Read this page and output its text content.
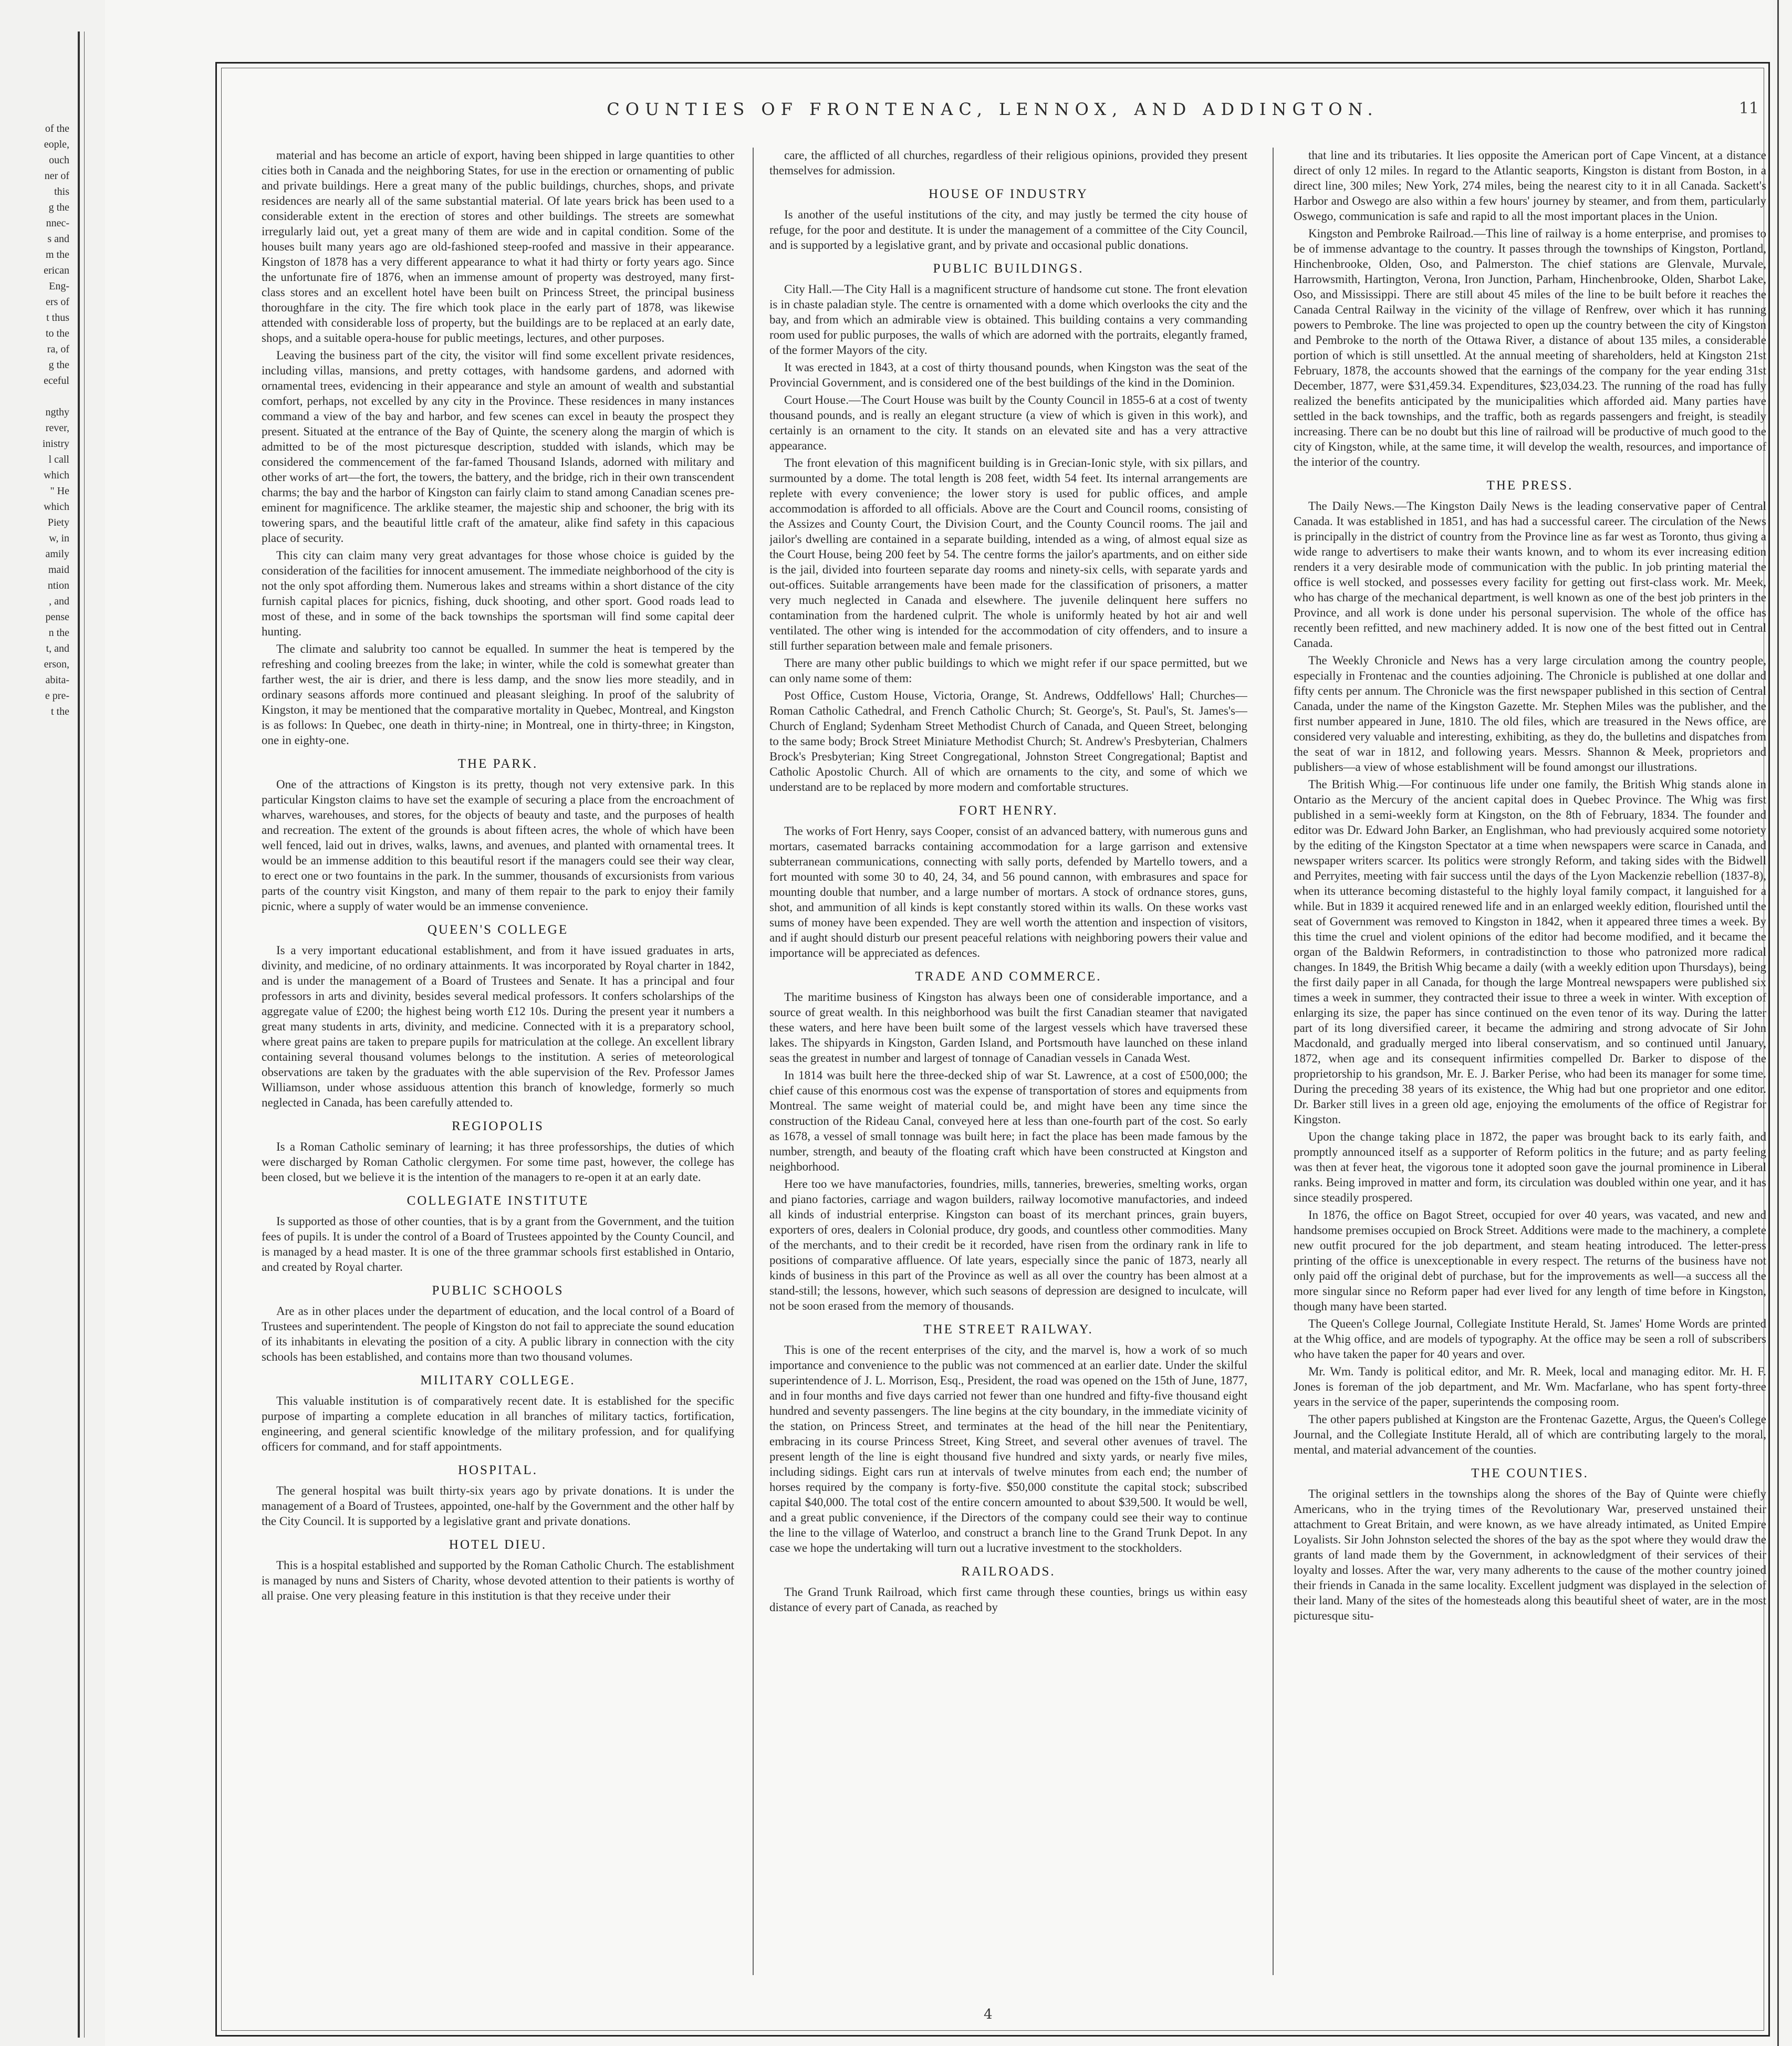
of the
eople,
ouch
ner of
this
g the
nnec-
s and
m the
erican
Eng-
ers of
t thus
to the
ra, of
g the
eceful

ngthy
rever,
inistry
l call
which
" He
which
Piety
w, in
amily
maid
ntion
, and
pense
n the
t, and
erson,
abita-
e pre-
t the
COUNTIES OF FRONTENAC, LENNOX, AND ADDINGTON.	11

material and has become an article of export, having been shipped in large quantities to other cities both in Canada and the neighboring States, for use in the erection or ornamenting of public and private buildings. Here a great many of the public buildings, churches, shops, and private residences are nearly all of the same substantial material. Of late years brick has been used to a considerable extent in the erection of stores and other buildings. The streets are somewhat irregularly laid out, yet a great many of them are wide and in capital condition. Some of the houses built many years ago are old-fashioned steep-roofed and massive in their appearance. Kingston of 1878 has a very different appearance to what it had thirty or forty years ago. Since the unfortunate fire of 1876, when an immense amount of property was destroyed, many first-class stores and an excellent hotel have been built on Princess Street, the principal business thoroughfare in the city. The fire which took place in the early part of 1878, was likewise attended with considerable loss of property, but the buildings are to be replaced at an early date, shops, and a suitable opera-house for public meetings, lectures, and other purposes.

Leaving the business part of the city, the visitor will find some excellent private residences, including villas, mansions, and pretty cottages, with handsome gardens, and adorned with ornamental trees, evidencing in their appearance and style an amount of wealth and substantial comfort, perhaps, not excelled by any city in the Province. These residences in many instances command a view of the bay and harbor, and few scenes can excel in beauty the prospect they present. Situated at the entrance of the Bay of Quinte, the scenery along the margin of which is admitted to be of the most picturesque description, studded with islands, which may be considered the commencement of the far-famed Thousand Islands, adorned with military and other works of art—the fort, the towers, the battery, and the bridge, rich in their own transcendent charms; the bay and the harbor of Kingston can fairly claim to stand among Canadian scenes pre-eminent for magnificence. The arklike steamer, the majestic ship and schooner, the brig with its towering spars, and the beautiful little craft of the amateur, alike find safety in this capacious place of security.

This city can claim many very great advantages for those whose choice is guided by the consideration of the facilities for innocent amusement. The immediate neighborhood of the city is not the only spot affording them. Numerous lakes and streams within a short distance of the city furnish capital places for picnics, fishing, duck shooting, and other sport. Good roads lead to most of these, and in some of the back townships the sportsman will find some capital deer hunting.

The climate and salubrity too cannot be equalled. In summer the heat is tempered by the refreshing and cooling breezes from the lake; in winter, while the cold is somewhat greater than farther west, the air is drier, and there is less damp, and the snow lies more steadily, and in ordinary seasons affords more continued and pleasant sleighing. In proof of the salubrity of Kingston, it may be mentioned that the comparative mortality in Quebec, Montreal, and Kingston is as follows: In Quebec, one death in thirty-nine; in Montreal, one in thirty-three; in Kingston, one in eighty-one.

THE PARK.

One of the attractions of Kingston is its pretty, though not very extensive park. In this particular Kingston claims to have set the example of securing a place from the encroachment of wharves, warehouses, and stores, for the objects of beauty and taste, and the purposes of health and recreation. The extent of the grounds is about fifteen acres, the whole of which have been well fenced, laid out in drives, walks, lawns, and avenues, and planted with ornamental trees. It would be an immense addition to this beautiful resort if the managers could see their way clear, to erect one or two fountains in the park. In the summer, thousands of excursionists from various parts of the country visit Kingston, and many of them repair to the park to enjoy their family picnic, where a supply of water would be an immense convenience.

QUEEN'S COLLEGE

Is a very important educational establishment, and from it have issued graduates in arts, divinity, and medicine, of no ordinary attainments. It was incorporated by Royal charter in 1842, and is under the management of a Board of Trustees and Senate. It has a principal and four professors in arts and divinity, besides several medical professors. It confers scholarships of the aggregate value of £200; the highest being worth £12 10s. During the present year it numbers a great many students in arts, divinity, and medicine. Connected with it is a preparatory school, where great pains are taken to prepare pupils for matriculation at the college. An excellent library containing several thousand volumes belongs to the institution. A series of meteorological observations are taken by the graduates with the able supervision of the Rev. Professor James Williamson, under whose assiduous attention this branch of knowledge, formerly so much neglected in Canada, has been carefully attended to.

REGIOPOLIS

Is a Roman Catholic seminary of learning; it has three professorships, the duties of which were discharged by Roman Catholic clergymen. For some time past, however, the college has been closed, but we believe it is the intention of the managers to re-open it at an early date.

COLLEGIATE INSTITUTE

Is supported as those of other counties, that is by a grant from the Government, and the tuition fees of pupils. It is under the control of a Board of Trustees appointed by the County Council, and is managed by a head master. It is one of the three grammar schools first established in Ontario, and created by Royal charter.

PUBLIC SCHOOLS

Are as in other places under the department of education, and the local control of a Board of Trustees and superintendent. The people of Kingston do not fail to appreciate the sound education of its inhabitants in elevating the position of a city. A public library in connection with the city schools has been established, and contains more than two thousand volumes.

MILITARY COLLEGE.

This valuable institution is of comparatively recent date. It is established for the specific purpose of imparting a complete education in all branches of military tactics, fortification, engineering, and general scientific knowledge of the military profession, and for qualifying officers for command, and for staff appointments.

HOSPITAL.

The general hospital was built thirty-six years ago by private donations. It is under the management of a Board of Trustees, appointed, one-half by the Government and the other half by the City Council. It is supported by a legislative grant and private donations.

HOTEL DIEU.

This is a hospital established and supported by the Roman Catholic Church. The establishment is managed by nuns and Sisters of Charity, whose devoted attention to their patients is worthy of all praise. One very pleasing feature in this institution is that they receive under their

care, the afflicted of all churches, regardless of their religious opinions, provided they present themselves for admission.

HOUSE OF INDUSTRY

Is another of the useful institutions of the city, and may justly be termed the city house of refuge, for the poor and destitute. It is under the management of a committee of the City Council, and is supported by a legislative grant, and by private and occasional public donations.

PUBLIC BUILDINGS.

City Hall.—The City Hall is a magnificent structure of handsome cut stone. The front elevation is in chaste paladian style. The centre is ornamented with a dome which overlooks the city and the bay, and from which an admirable view is obtained. This building contains a very commanding room used for public purposes, the walls of which are adorned with the portraits, elegantly framed, of the former Mayors of the city.

It was erected in 1843, at a cost of thirty thousand pounds, when Kingston was the seat of the Provincial Government, and is considered one of the best buildings of the kind in the Dominion.

Court House.—The Court House was built by the County Council in 1855-6 at a cost of twenty thousand pounds, and is really an elegant structure (a view of which is given in this work), and certainly is an ornament to the city. It stands on an elevated site and has a very attractive appearance.

The front elevation of this magnificent building is in Grecian-Ionic style, with six pillars, and surmounted by a dome. The total length is 208 feet, width 54 feet. Its internal arrangements are replete with every convenience; the lower story is used for public offices, and ample accommodation is afforded to all officials. Above are the Court and Council rooms, consisting of the Assizes and County Court, the Division Court, and the County Council rooms. The jail and jailor's dwelling are contained in a separate building, intended as a wing, of almost equal size as the Court House, being 200 feet by 54. The centre forms the jailor's apartments, and on either side is the jail, divided into fourteen separate day rooms and ninety-six cells, with separate yards and out-offices. Suitable arrangements have been made for the classification of prisoners, a matter very much neglected in Canada and elsewhere. The juvenile delinquent here suffers no contamination from the hardened culprit. The whole is uniformly heated by hot air and well ventilated. The other wing is intended for the accommodation of city offenders, and to insure a still further separation between male and female prisoners.

There are many other public buildings to which we might refer if our space permitted, but we can only name some of them:

Post Office, Custom House, Victoria, Orange, St. Andrews, Oddfellows' Hall; Churches—Roman Catholic Cathedral, and French Catholic Church; St. George's, St. Paul's, St. James's—Church of England; Sydenham Street Methodist Church of Canada, and Queen Street, belonging to the same body; Brock Street Miniature Methodist Church; St. Andrew's Presbyterian, Chalmers Brock's Presbyterian; King Street Congregational, Johnston Street Congregational; Baptist and Catholic Apostolic Church. All of which are ornaments to the city, and some of which we understand are to be replaced by more modern and comfortable structures.

FORT HENRY.

The works of Fort Henry, says Cooper, consist of an advanced battery, with numerous guns and mortars, casemated barracks containing accommodation for a large garrison and extensive subterranean communications, connecting with sally ports, defended by Martello towers, and a fort mounted with some 30 to 40, 24, 34, and 56 pound cannon, with embrasures and space for mounting double that number, and a large number of mortars. A stock of ordnance stores, guns, shot, and ammunition of all kinds is kept constantly stored within its walls. On these works vast sums of money have been expended. They are well worth the attention and inspection of visitors, and if aught should disturb our present peaceful relations with neighboring powers their value and importance will be appreciated as defences.

TRADE AND COMMERCE.

The maritime business of Kingston has always been one of considerable importance, and a source of great wealth. In this neighborhood was built the first Canadian steamer that navigated these waters, and here have been built some of the largest vessels which have traversed these lakes. The shipyards in Kingston, Garden Island, and Portsmouth have launched on these inland seas the greatest in number and largest of tonnage of Canadian vessels in Canada West.

In 1814 was built here the three-decked ship of war St. Lawrence, at a cost of £500,000; the chief cause of this enormous cost was the expense of transportation of stores and equipments from Montreal. The same weight of material could be, and might have been any time since the construction of the Rideau Canal, conveyed here at less than one-fourth part of the cost. So early as 1678, a vessel of small tonnage was built here; in fact the place has been made famous by the number, strength, and beauty of the floating craft which have been constructed at Kingston and neighborhood.

Here too we have manufactories, foundries, mills, tanneries, breweries, smelting works, organ and piano factories, carriage and wagon builders, railway locomotive manufactories, and indeed all kinds of industrial enterprise. Kingston can boast of its merchant princes, grain buyers, exporters of ores, dealers in Colonial produce, dry goods, and countless other commodities. Many of the merchants, and to their credit be it recorded, have risen from the ordinary rank in life to positions of comparative affluence. Of late years, especially since the panic of 1873, nearly all kinds of business in this part of the Province as well as all over the country has been almost at a stand-still; the lessons, however, which such seasons of depression are designed to inculcate, will not be soon erased from the memory of thousands.

THE STREET RAILWAY.

This is one of the recent enterprises of the city, and the marvel is, how a work of so much importance and convenience to the public was not commenced at an earlier date. Under the skilful superintendence of J. L. Morrison, Esq., President, the road was opened on the 15th of June, 1877, and in four months and five days carried not fewer than one hundred and fifty-five thousand eight hundred and seventy passengers. The line begins at the city boundary, in the immediate vicinity of the station, on Princess Street, and terminates at the head of the hill near the Penitentiary, embracing in its course Princess Street, King Street, and several other avenues of travel. The present length of the line is eight thousand five hundred and sixty yards, or nearly five miles, including sidings. Eight cars run at intervals of twelve minutes from each end; the number of horses required by the company is forty-five. $50,000 constitute the capital stock; subscribed capital $40,000. The total cost of the entire concern amounted to about $39,500. It would be well, and a great public convenience, if the Directors of the company could see their way to continue the line to the village of Waterloo, and construct a branch line to the Grand Trunk Depot. In any case we hope the undertaking will turn out a lucrative investment to the stockholders.

RAILROADS.

The Grand Trunk Railroad, which first came through these counties, brings us within easy distance of every part of Canada, as reached by

that line and its tributaries. It lies opposite the American port of Cape Vincent, at a distance direct of only 12 miles. In regard to the Atlantic seaports, Kingston is distant from Boston, in a direct line, 300 miles; New York, 274 miles, being the nearest city to it in all Canada. Sackett's Harbor and Oswego are also within a few hours' journey by steamer, and from them, particularly Oswego, communication is safe and rapid to all the most important places in the Union.

Kingston and Pembroke Railroad.—This line of railway is a home enterprise, and promises to be of immense advantage to the country. It passes through the townships of Kingston, Portland, Hinchenbrooke, Olden, Oso, and Palmerston. The chief stations are Glenvale, Murvale, Harrowsmith, Hartington, Verona, Iron Junction, Parham, Hinchenbrooke, Olden, Sharbot Lake, Oso, and Mississippi. There are still about 45 miles of the line to be built before it reaches the Canada Central Railway in the vicinity of the village of Renfrew, over which it has running powers to Pembroke. The line was projected to open up the country between the city of Kingston and Pembroke to the north of the Ottawa River, a distance of about 135 miles, a considerable portion of which is still unsettled. At the annual meeting of shareholders, held at Kingston 21st February, 1878, the accounts showed that the earnings of the company for the year ending 31st December, 1877, were $31,459.34. Expenditures, $23,034.23. The running of the road has fully realized the benefits anticipated by the municipalities which afforded aid. Many parties have settled in the back townships, and the traffic, both as regards passengers and freight, is steadily increasing. There can be no doubt but this line of railroad will be productive of much good to the city of Kingston, while, at the same time, it will develop the wealth, resources, and importance of the interior of the country.

THE PRESS.

The Daily News.—The Kingston Daily News is the leading conservative paper of Central Canada. It was established in 1851, and has had a successful career. The circulation of the News is principally in the district of country from the Province line as far west as Toronto, thus giving a wide range to advertisers to make their wants known, and to whom its ever increasing edition renders it a very desirable mode of communication with the public. In job printing material the office is well stocked, and possesses every facility for getting out first-class work. Mr. Meek, who has charge of the mechanical department, is well known as one of the best job printers in the Province, and all work is done under his personal supervision. The whole of the office has recently been refitted, and new machinery added. It is now one of the best fitted out in Central Canada.

The Weekly Chronicle and News has a very large circulation among the country people, especially in Frontenac and the counties adjoining. The Chronicle is published at one dollar and fifty cents per annum. The Chronicle was the first newspaper published in this section of Central Canada, under the name of the Kingston Gazette. Mr. Stephen Miles was the publisher, and the first number appeared in June, 1810. The old files, which are treasured in the News office, are considered very valuable and interesting, exhibiting, as they do, the bulletins and dispatches from the seat of war in 1812, and following years. Messrs. Shannon & Meek, proprietors and publishers—a view of whose establishment will be found amongst our illustrations.

The British Whig.—For continuous life under one family, the British Whig stands alone in Ontario as the Mercury of the ancient capital does in Quebec Province. The Whig was first published in a semi-weekly form at Kingston, on the 8th of February, 1834. The founder and editor was Dr. Edward John Barker, an Englishman, who had previously acquired some notoriety by the editing of the Kingston Spectator at a time when newspapers were scarce in Canada, and newspaper writers scarcer. Its politics were strongly Reform, and taking sides with the Bidwell and Perryites, meeting with fair success until the days of the Lyon Mackenzie rebellion (1837-8), when its utterance becoming distasteful to the highly loyal family compact, it languished for a while. But in 1839 it acquired renewed life and in an enlarged weekly edition, flourished until the seat of Government was removed to Kingston in 1842, when it appeared three times a week. By this time the cruel and violent opinions of the editor had become modified, and it became the organ of the Baldwin Reformers, in contradistinction to those who patronized more radical changes. In 1849, the British Whig became a daily (with a weekly edition upon Thursdays), being the first daily paper in all Canada, for though the large Montreal newspapers were published six times a week in summer, they contracted their issue to three a week in winter. With exception of enlarging its size, the paper has since continued on the even tenor of its way. During the latter part of its long diversified career, it became the admiring and strong advocate of Sir John Macdonald, and gradually merged into liberal conservatism, and so continued until January, 1872, when age and its consequent infirmities compelled Dr. Barker to dispose of the proprietorship to his grandson, Mr. E. J. Barker Perise, who had been its manager for some time. During the preceding 38 years of its existence, the Whig had but one proprietor and one editor. Dr. Barker still lives in a green old age, enjoying the emoluments of the office of Registrar for Kingston.

Upon the change taking place in 1872, the paper was brought back to its early faith, and promptly announced itself as a supporter of Reform politics in the future; and as party feeling was then at fever heat, the vigorous tone it adopted soon gave the journal prominence in Liberal ranks. Being improved in matter and form, its circulation was doubled within one year, and it has since steadily prospered.

In 1876, the office on Bagot Street, occupied for over 40 years, was vacated, and new and handsome premises occupied on Brock Street. Additions were made to the machinery, a complete new outfit procured for the job department, and steam heating introduced. The letter-press printing of the office is unexceptionable in every respect. The returns of the business have not only paid off the original debt of purchase, but for the improvements as well—a success all the more singular since no Reform paper had ever lived for any length of time before in Kingston, though many have been started.

The Queen's College Journal, Collegiate Institute Herald, St. James' Home Words are printed at the Whig office, and are models of typography. At the office may be seen a roll of subscribers who have taken the paper for 40 years and over.

Mr. Wm. Tandy is political editor, and Mr. R. Meek, local and managing editor. Mr. H. F. Jones is foreman of the job department, and Mr. Wm. Macfarlane, who has spent forty-three years in the service of the paper, superintends the composing room.

The other papers published at Kingston are the Frontenac Gazette, Argus, the Queen's College Journal, and the Collegiate Institute Herald, all of which are contributing largely to the moral, mental, and material advancement of the counties.

THE COUNTIES.

The original settlers in the townships along the shores of the Bay of Quinte were chiefly Americans, who in the trying times of the Revolutionary War, preserved unstained their attachment to Great Britain, and were known, as we have already intimated, as United Empire Loyalists. Sir John Johnston selected the shores of the bay as the spot where they would draw the grants of land made them by the Government, in acknowledgment of their services of their loyalty and losses. After the war, very many adherents to the cause of the mother country joined their friends in Canada in the same locality. Excellent judgment was displayed in the selection of their land. Many of the sites of the homesteads along this beautiful sheet of water, are in the most picturesque situ-

4
